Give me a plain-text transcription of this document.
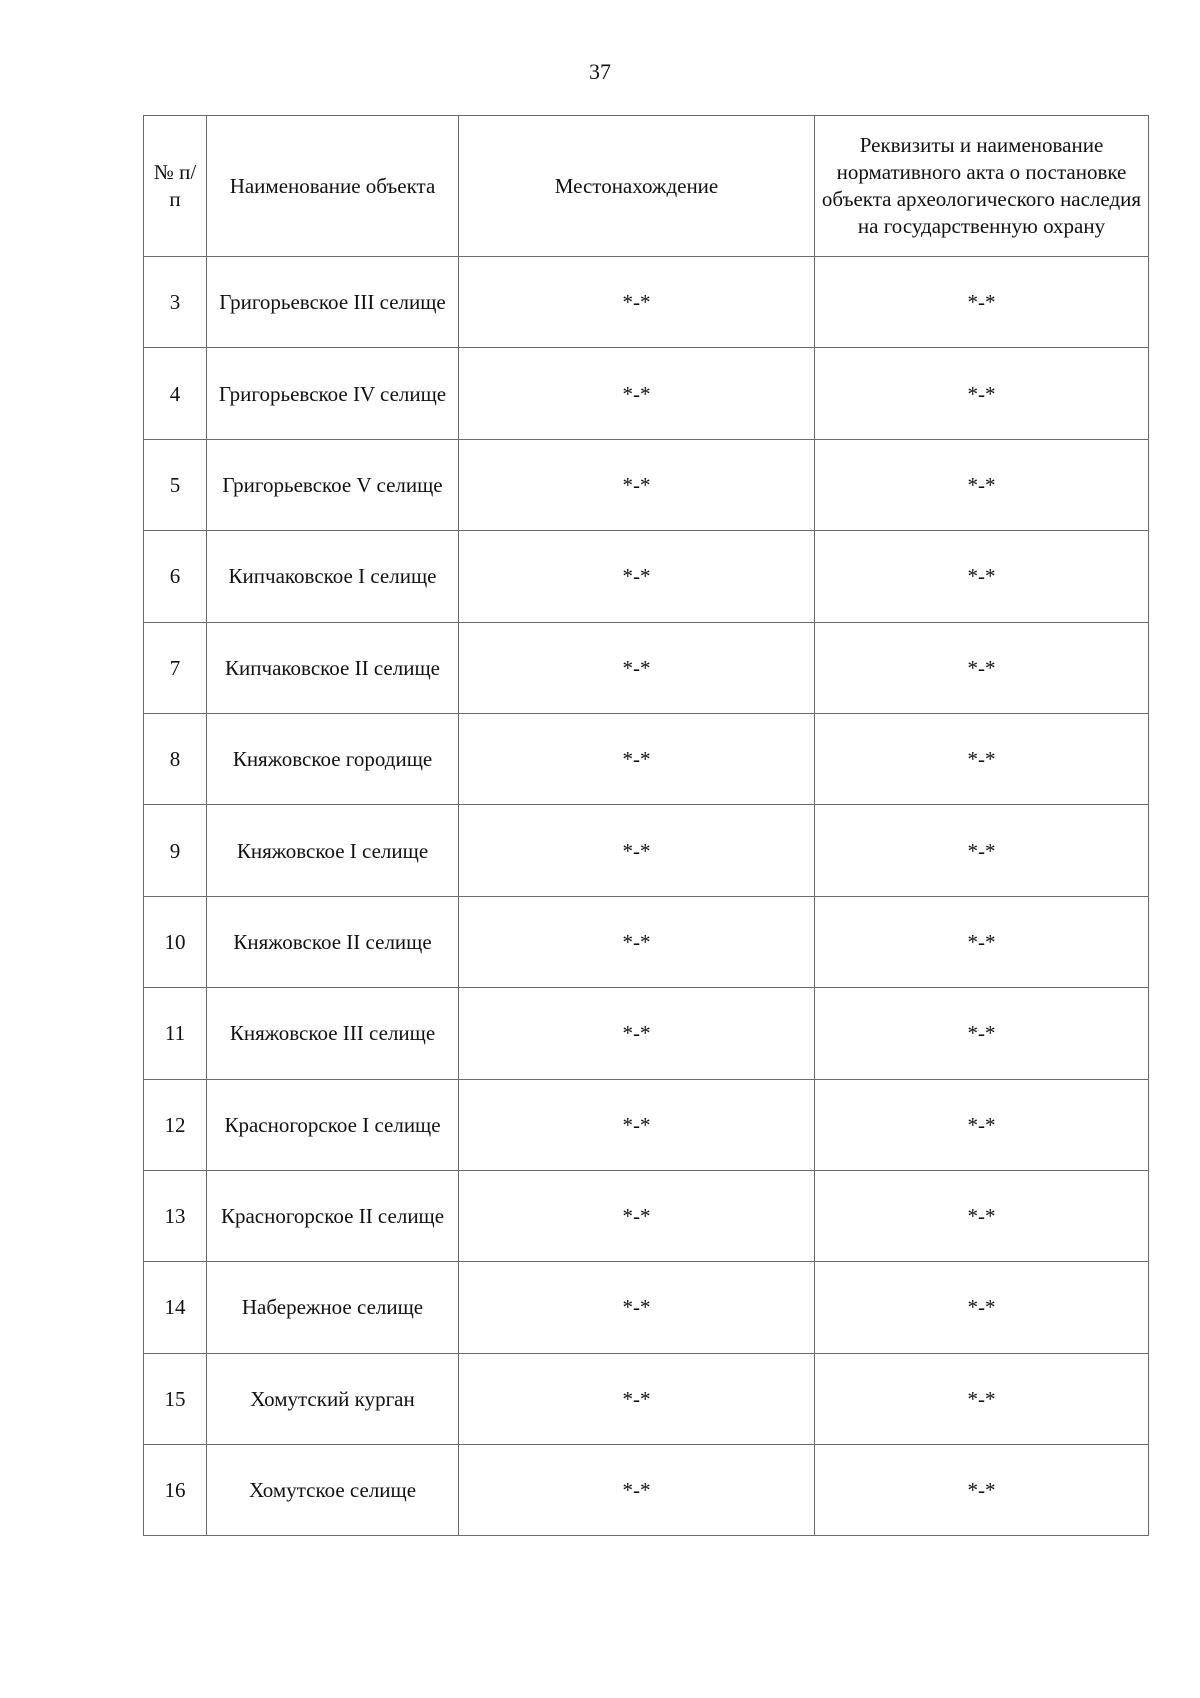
37
№ п/п	Наименование объекта	Местонахождение	Реквизиты и наименование нормативного акта о постановке объекта археологического наследия на государственную охрану
3	Григорьевское III селище	*-*	*-*
4	Григорьевское IV селище	*-*	*-*
5	Григорьевское V селище	*-*	*-*
6	Кипчаковское I селище	*-*	*-*
7	Кипчаковское II селище	*-*	*-*
8	Княжовское городище	*-*	*-*
9	Княжовское I селище	*-*	*-*
10	Княжовское II селище	*-*	*-*
11	Княжовское III селище	*-*	*-*
12	Красногорское I селище	*-*	*-*
13	Красногорское II селище	*-*	*-*
14	Набережное селище	*-*	*-*
15	Хомутский курган	*-*	*-*
16	Хомутское селище	*-*	*-*
